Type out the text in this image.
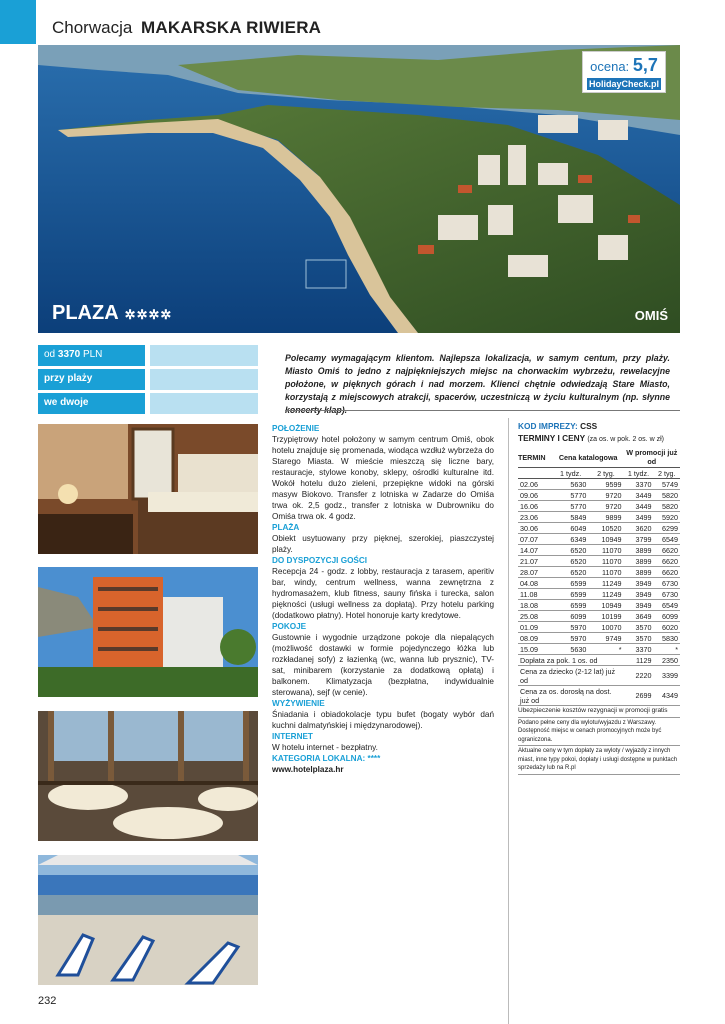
Chorwacja MAKARSKA RIWIERA
PLAZA ✲✲✲✲	OMIŚ
ocena: 5,7
HolidayCheck.pl
od 3370 PLN
przy plaży
we dwoje
Polecamy wymagającym klientom. Najlepsza lokalizacja, w samym centum, przy plaży. Miasto Omiś to jedno z najpiękniejszych miejsc na chorwackim wybrzeżu, rewelacyjne położone, w pięknych górach i nad morzem. Klienci chętnie odwiedzają Stare Miasto, korzystają z miejscowych atrakcji, spacerów, uczestniczą w życiu kulturalnym (np. słynne koncerty klap).
POŁOŻENIE

Trzypiętrowy hotel położony w samym centrum Omiś, obok hotelu znajduje się promenada, wiodąca wzdłuż wybrzeża do Starego Miasta. W mieście mieszczą się liczne bary, restauracje, stylowe konoby, sklepy, ośrodki kulturalne itd. Wokół hotelu dużo zieleni, przepiękne widoki na górski masyw Biokovo. Transfer z lotniska w Zadarze do Omiśa trwa ok. 2,5 godz., transfer z lotniska w Dubrowniku do Omiśa trwa ok. 4 godz.

PLAŻA

Obiekt usytuowany przy pięknej, szerokiej, piaszczystej plaży.

DO DYSPOZYCJI GOŚCI

Recepcja 24 - godz. z lobby, restauracja z tarasem, aperitiv bar, windy, centrum wellness, wanna zewnętrzna z hydromasażem, klub fitness, sauny fińska i turecka, salon piękności (usługi wellness za dopłatą). Przy hotelu parking (dodatkowo płatny). Hotel honoruje karty kredytowe.

POKOJE

Gustownie i wygodnie urządzone pokoje dla niepalących (możliwość dostawki w formie pojedynczego łóżka lub rozkładanej sofy) z łazienką (wc, wanna lub prysznic), TV-sat, minibarem (korzystanie za dodatkową opłatą) i balkonem. Klimatyzacja (bezpłatna, indywidualnie sterowana), sejf (w cenie).

WYŻYWIENIE

Śniadania i obiadokolacje typu bufet (bogaty wybór dań kuchni dalmatyńskiej i międzynarodowej).

INTERNET

W hotelu internet - bezpłatny.

KATEGORIA LOKALNA: ****

www.hotelplaza.hr

KOD IMPREZY: CSS
TERMINY I CENY (za os. w pok. 2 os. w zł)
TERMIN	Cena katalogowa		W promocji już od	
	1 tydz.	2 tyg.	1 tydz.	2 tyg.
02.06	5630	9599	3370	5749
09.06	5770	9720	3449	5820
16.06	5770	9720	3449	5820
23.06	5849	9899	3499	5920
30.06	6049	10520	3620	6299
07.07	6349	10949	3799	6549
14.07	6520	11070	3899	6620
21.07	6520	11070	3899	6620
28.07	6520	11070	3899	6620
04.08	6599	11249	3949	6730
11.08	6599	11249	3949	6730
18.08	6599	10949	3949	6549
25.08	6099	10199	3649	6099
01.09	5970	10070	3570	6020
08.09	5970	9749	3570	5830
15.09	5630	*	3370	*
Dopłata za pok. 1 os. od			1129	2350
Cena za dziecko (2-12 lat) już od			2220	3399
Cena za os. dorosłą na dost. już od			2699	4349
Ubezpieczenie kosztów rezygnacji w promocji gratis
Podano pełne ceny dla wylotu/wyjazdu z Warszawy. Dostępność miejsc w cenach promocyjnych może być ograniczona.
Aktualne ceny w tym dopłaty za wyloty / wyjazdy z innych miast, inne typy pokoi, dopłaty i usługi dostępne w punktach sprzedaży lub na R.pl
232
